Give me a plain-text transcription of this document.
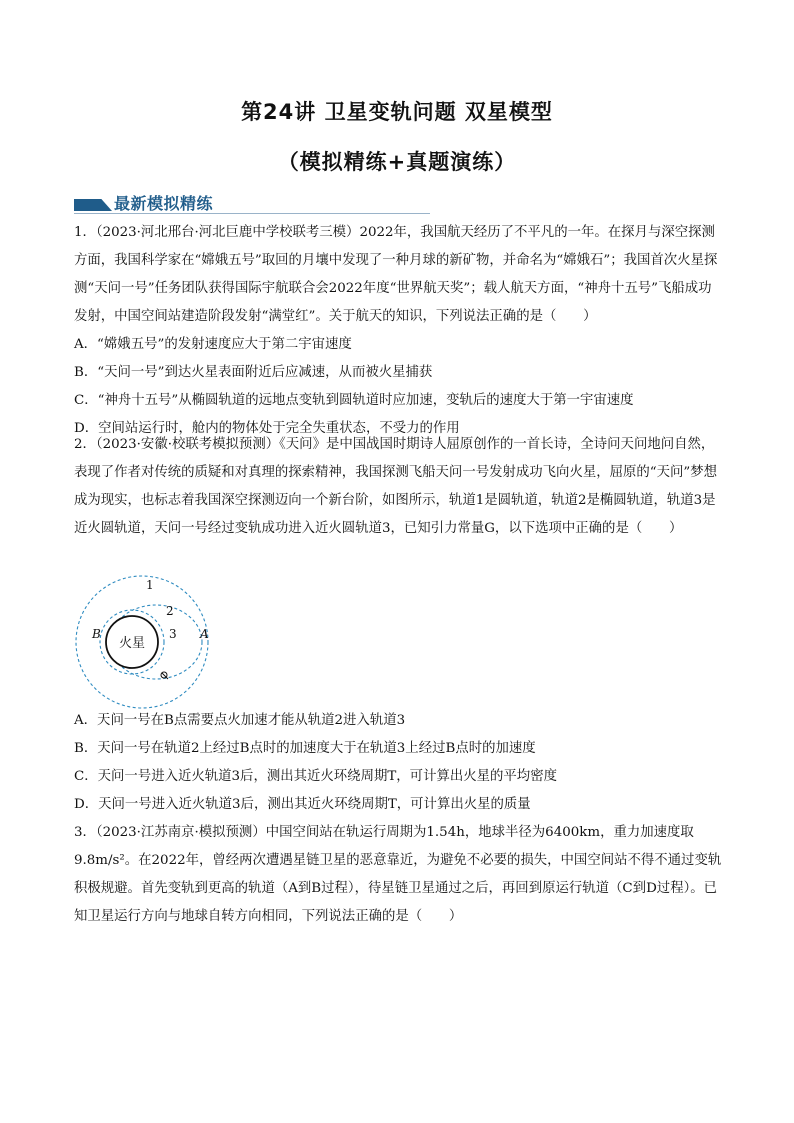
第24讲 卫星变轨问题 双星模型
（模拟精练+真题演练）
最新模拟精练
1．（2023·河北邢台·河北巨鹿中学校联考三模）2022年，我国航天经历了不平凡的一年。在探月与深空探测方面，我国科学家在“嫦娥五号”取回的月壤中发现了一种月球的新矿物，并命名为“嫦娥石”；我国首次火星探测“天问一号”任务团队获得国际宇航联合会2022年度“世界航天奖”；载人航天方面，“神舟十五号”飞船成功发射，中国空间站建造阶段发射“满堂红”。关于航天的知识，下列说法正确的是（　　）
A．“嫦娥五号”的发射速度应大于第二宇宙速度
B．“天问一号”到达火星表面附近后应减速，从而被火星捕获
C．“神舟十五号”从椭圆轨道的远地点变轨到圆轨道时应加速，变轨后的速度大于第一宇宙速度
D．空间站运行时，舱内的物体处于完全失重状态，不受力的作用
2．（2023·安徽·校联考模拟预测）《天问》是中国战国时期诗人屈原创作的一首长诗，全诗问天问地问自然，表现了作者对传统的质疑和对真理的探索精神，我国探测飞船天问一号发射成功飞向火星，屈原的“天问”梦想成为现实，也标志着我国深空探测迈向一个新台阶，如图所示，轨道1是圆轨道，轨道2是椭圆轨道，轨道3是近火圆轨道，天问一号经过变轨成功进入近火圆轨道3，已知引力常量G，以下选项中正确的是（　　）
火星
1
2
3 A
B
A．天问一号在B点需要点火加速才能从轨道2进入轨道3
B．天问一号在轨道2上经过B点时的加速度大于在轨道3上经过B点时的加速度
C．天问一号进入近火轨道3后，测出其近火环绕周期T，可计算出火星的平均密度
D．天问一号进入近火轨道3后，测出其近火环绕周期T，可计算出火星的质量
3．（2023·江苏南京·模拟预测）中国空间站在轨运行周期为1.54h，地球半径为6400km，重力加速度取9.8m/s²。在2022年，曾经两次遭遇星链卫星的恶意靠近，为避免不必要的损失，中国空间站不得不通过变轨积极规避。首先变轨到更高的轨道（A到B过程），待星链卫星通过之后，再回到原运行轨道（C到D过程）。已知卫星运行方向与地球自转方向相同，下列说法正确的是（　　）
